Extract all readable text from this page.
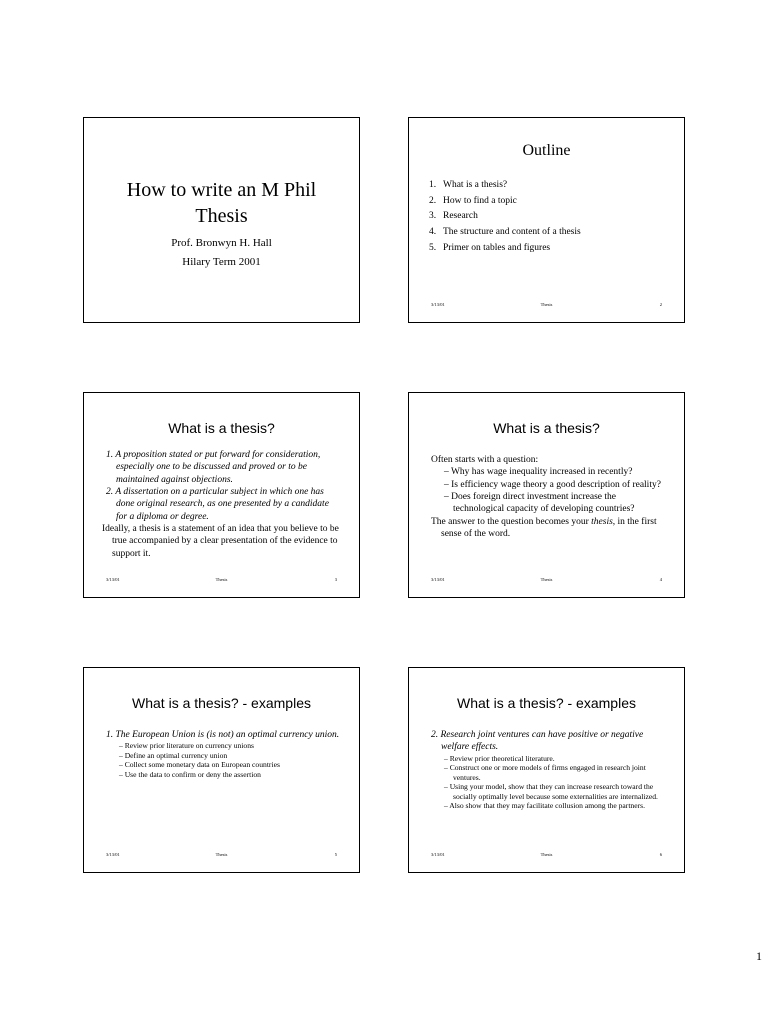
How to write an M Phil
Thesis
Prof. Bronwyn H. Hall
Hilary Term 2001
Outline
1. What is a thesis?
2. How to find a topic
3. Research
4. The structure and content of a thesis
5. Primer on tables and figures
3/13/01	Thesis	2
What is a thesis?

1. A proposition stated or put forward for consideration, especially one to be discussed and proved or to be maintained against objections.

2. A dissertation on a particular subject in which one has done original research, as one presented by a candidate for a diploma or degree.

Ideally, a thesis is a statement of an idea that you believe to be true accompanied by a clear presentation of the evidence to support it.

3/13/01	Thesis	3
What is a thesis?

Often starts with a question:

– Why has wage inequality increased in recently?

– Is efficiency wage theory a good description of reality?

– Does foreign direct investment increase the technological capacity of developing countries?

The answer to the question becomes your thesis, in the first sense of the word.

3/13/01	Thesis	4
What is a thesis? - examples

1. The European Union is (is not) an optimal currency union.

– Review prior literature on currency unions

– Define an optimal currency union

– Collect some monetary data on European countries

– Use the data to confirm or deny the assertion

3/13/01	Thesis	5
What is a thesis? - examples

2. Research joint ventures can have positive or negative welfare effects.

– Review prior theoretical literature.

– Construct one or more models of firms engaged in research joint ventures.

– Using your model, show that they can increase research toward the socially optimally level because some externalities are internalized.

– Also show that they may facilitate collusion among the partners.

3/13/01	Thesis	6
1
